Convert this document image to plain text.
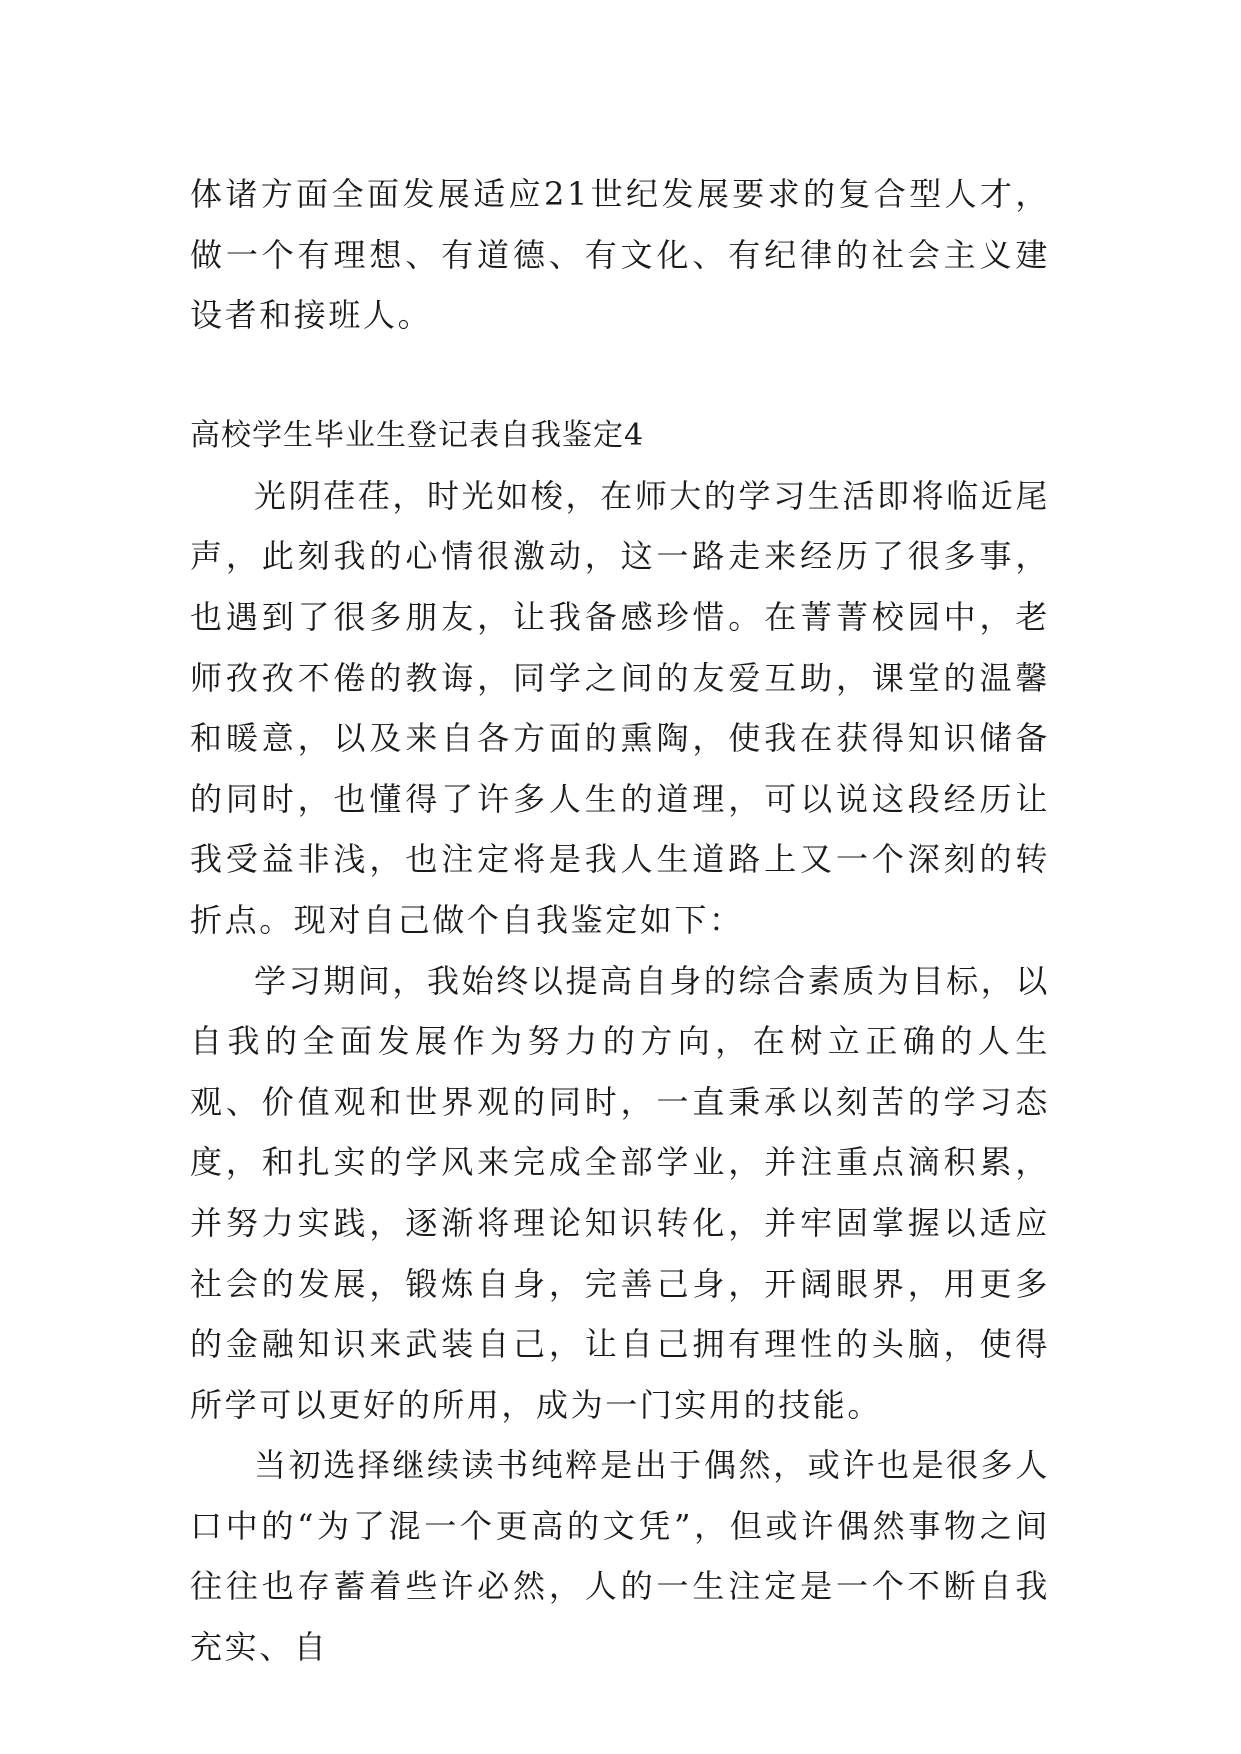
体诸方面全面发展适应21世纪发展要求的复合型人才，做一个有理想、有道德、有文化、有纪律的社会主义建设者和接班人。

高校学生毕业生登记表自我鉴定4

光阴荏荏，时光如梭，在师大的学习生活即将临近尾声，此刻我的心情很激动，这一路走来经历了很多事，也遇到了很多朋友，让我备感珍惜。在菁菁校园中，老师孜孜不倦的教诲，同学之间的友爱互助，课堂的温馨和暖意，以及来自各方面的熏陶，使我在获得知识储备的同时，也懂得了许多人生的道理，可以说这段经历让我受益非浅，也注定将是我人生道路上又一个深刻的转折点。现对自己做个自我鉴定如下：

学习期间，我始终以提高自身的综合素质为目标，以自我的全面发展作为努力的方向，在树立正确的人生观、价值观和世界观的同时，一直秉承以刻苦的学习态度，和扎实的学风来完成全部学业，并注重点滴积累，并努力实践，逐渐将理论知识转化，并牢固掌握以适应社会的发展，锻炼自身，完善己身，开阔眼界，用更多的金融知识来武装自己，让自己拥有理性的头脑，使得所学可以更好的所用，成为一门实用的技能。

当初选择继续读书纯粹是出于偶然，或许也是很多人口中的“为了混一个更高的文凭”，但或许偶然事物之间往往也存蓄着些许必然，人的一生注定是一个不断自我充实、自
